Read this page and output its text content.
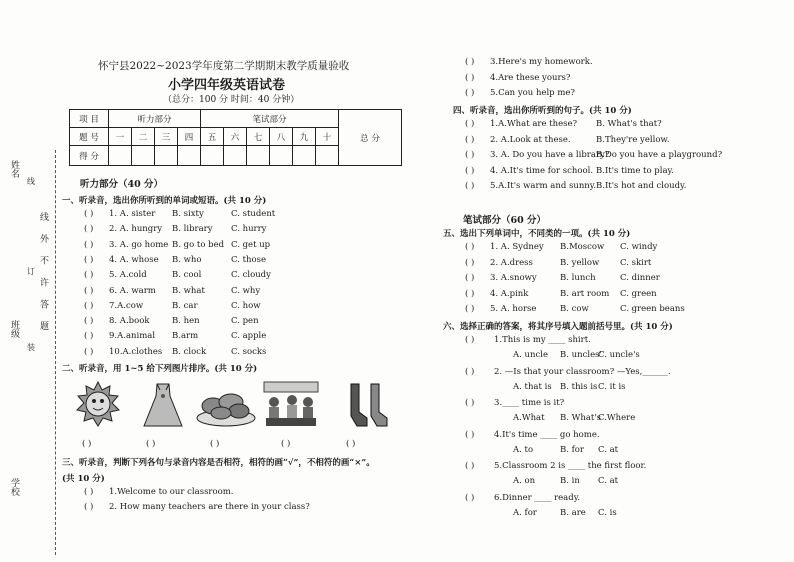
姓名
线
订 线 外 不 许 答 题
班级
装
学校
怀宁县2022~2023学年度第二学期期末教学质量验收
小学四年级英语试卷
（总分：100 分 时间：40 分钟）
项 目	听力部分				笔试部分						总 分
题 号	一	二	三	四	五	六	七	八	九	十	
得 分											
听力部分（40 分）
一、听录音，选出你所听到的单词或短语。(共 10 分)
( ) 1. A. sister B. sixty	C. student
( ) 2. A. hungry B. library C. hurry
( ) 3. A. go home B. go to bed C. get up
( ) 4. A. whose B. who	C. those
( ) 5. A.cold	B. cool	C. cloudy
( ) 6. A. warm B. what	C. why
( ) 7.A.cow	B. car	C. how
( ) 8. A.book	B. hen	C. pen
( ) 9.A.animal B.arm	C. apple
( ) 10.A.clothes B. clock	C. socks
二、听录音，用 1~5 给下列图片排序。(共 10 分)
( )	( )	( )	( )	( )
三、听录音，判断下列各句与录音内容是否相符，相符的画“√”，不相符的画“×”。
(共 10 分)
( ) 1.Welcome to our classroom.
( ) 2. How many teachers are there in your class?
( ) 3.Here's my homework.
( ) 4.Are these yours?
( ) 5.Can you help me?
四、听录音，选出你所听到的句子。(共 10 分)
( ) 1.A.What are these? B. What's that?
( ) 2. A.Look at these.	B.They're yellow.
( ) 3. A. Do you have a library?
B.Do you have a playground?
( ) 4. A.It's time for school. B.It's time to play.
( ) 5.A.It's warm and sunny. B.It's hot and cloudy.
笔试部分（60 分）
五、选出下列单词中，不同类的一项。(共 10 分)
( ) 1. A. Sydney B.Moscow C. windy
( ) 2. A.dress	B. yellow C. skirt
( ) 3. A.snowy	B. lunch	C. dinner
( ) 4. A.pink	B. art room C. green
( ) 5. A. horse	B. cow	C. green beans
六、选择正确的答案，将其序号填入题前括号里。(共 10 分)
( ) 1.This is my ____ shirt.
A. uncle B. uncles'
C. uncle's
( ) 2. —Is that your classroom? —Yes,______.
A. that is B. this is C. it is
( ) 3.____ time is it?
A.What B. What's
C.Where
( ) 4.It's time ____ go home.
A. to	B. for C. at
( ) 5.Classroom 2 is ____ the first floor.
A. on	B. in C. at
( ) 6.Dinner ____ ready.
A. for	B. are C. is
